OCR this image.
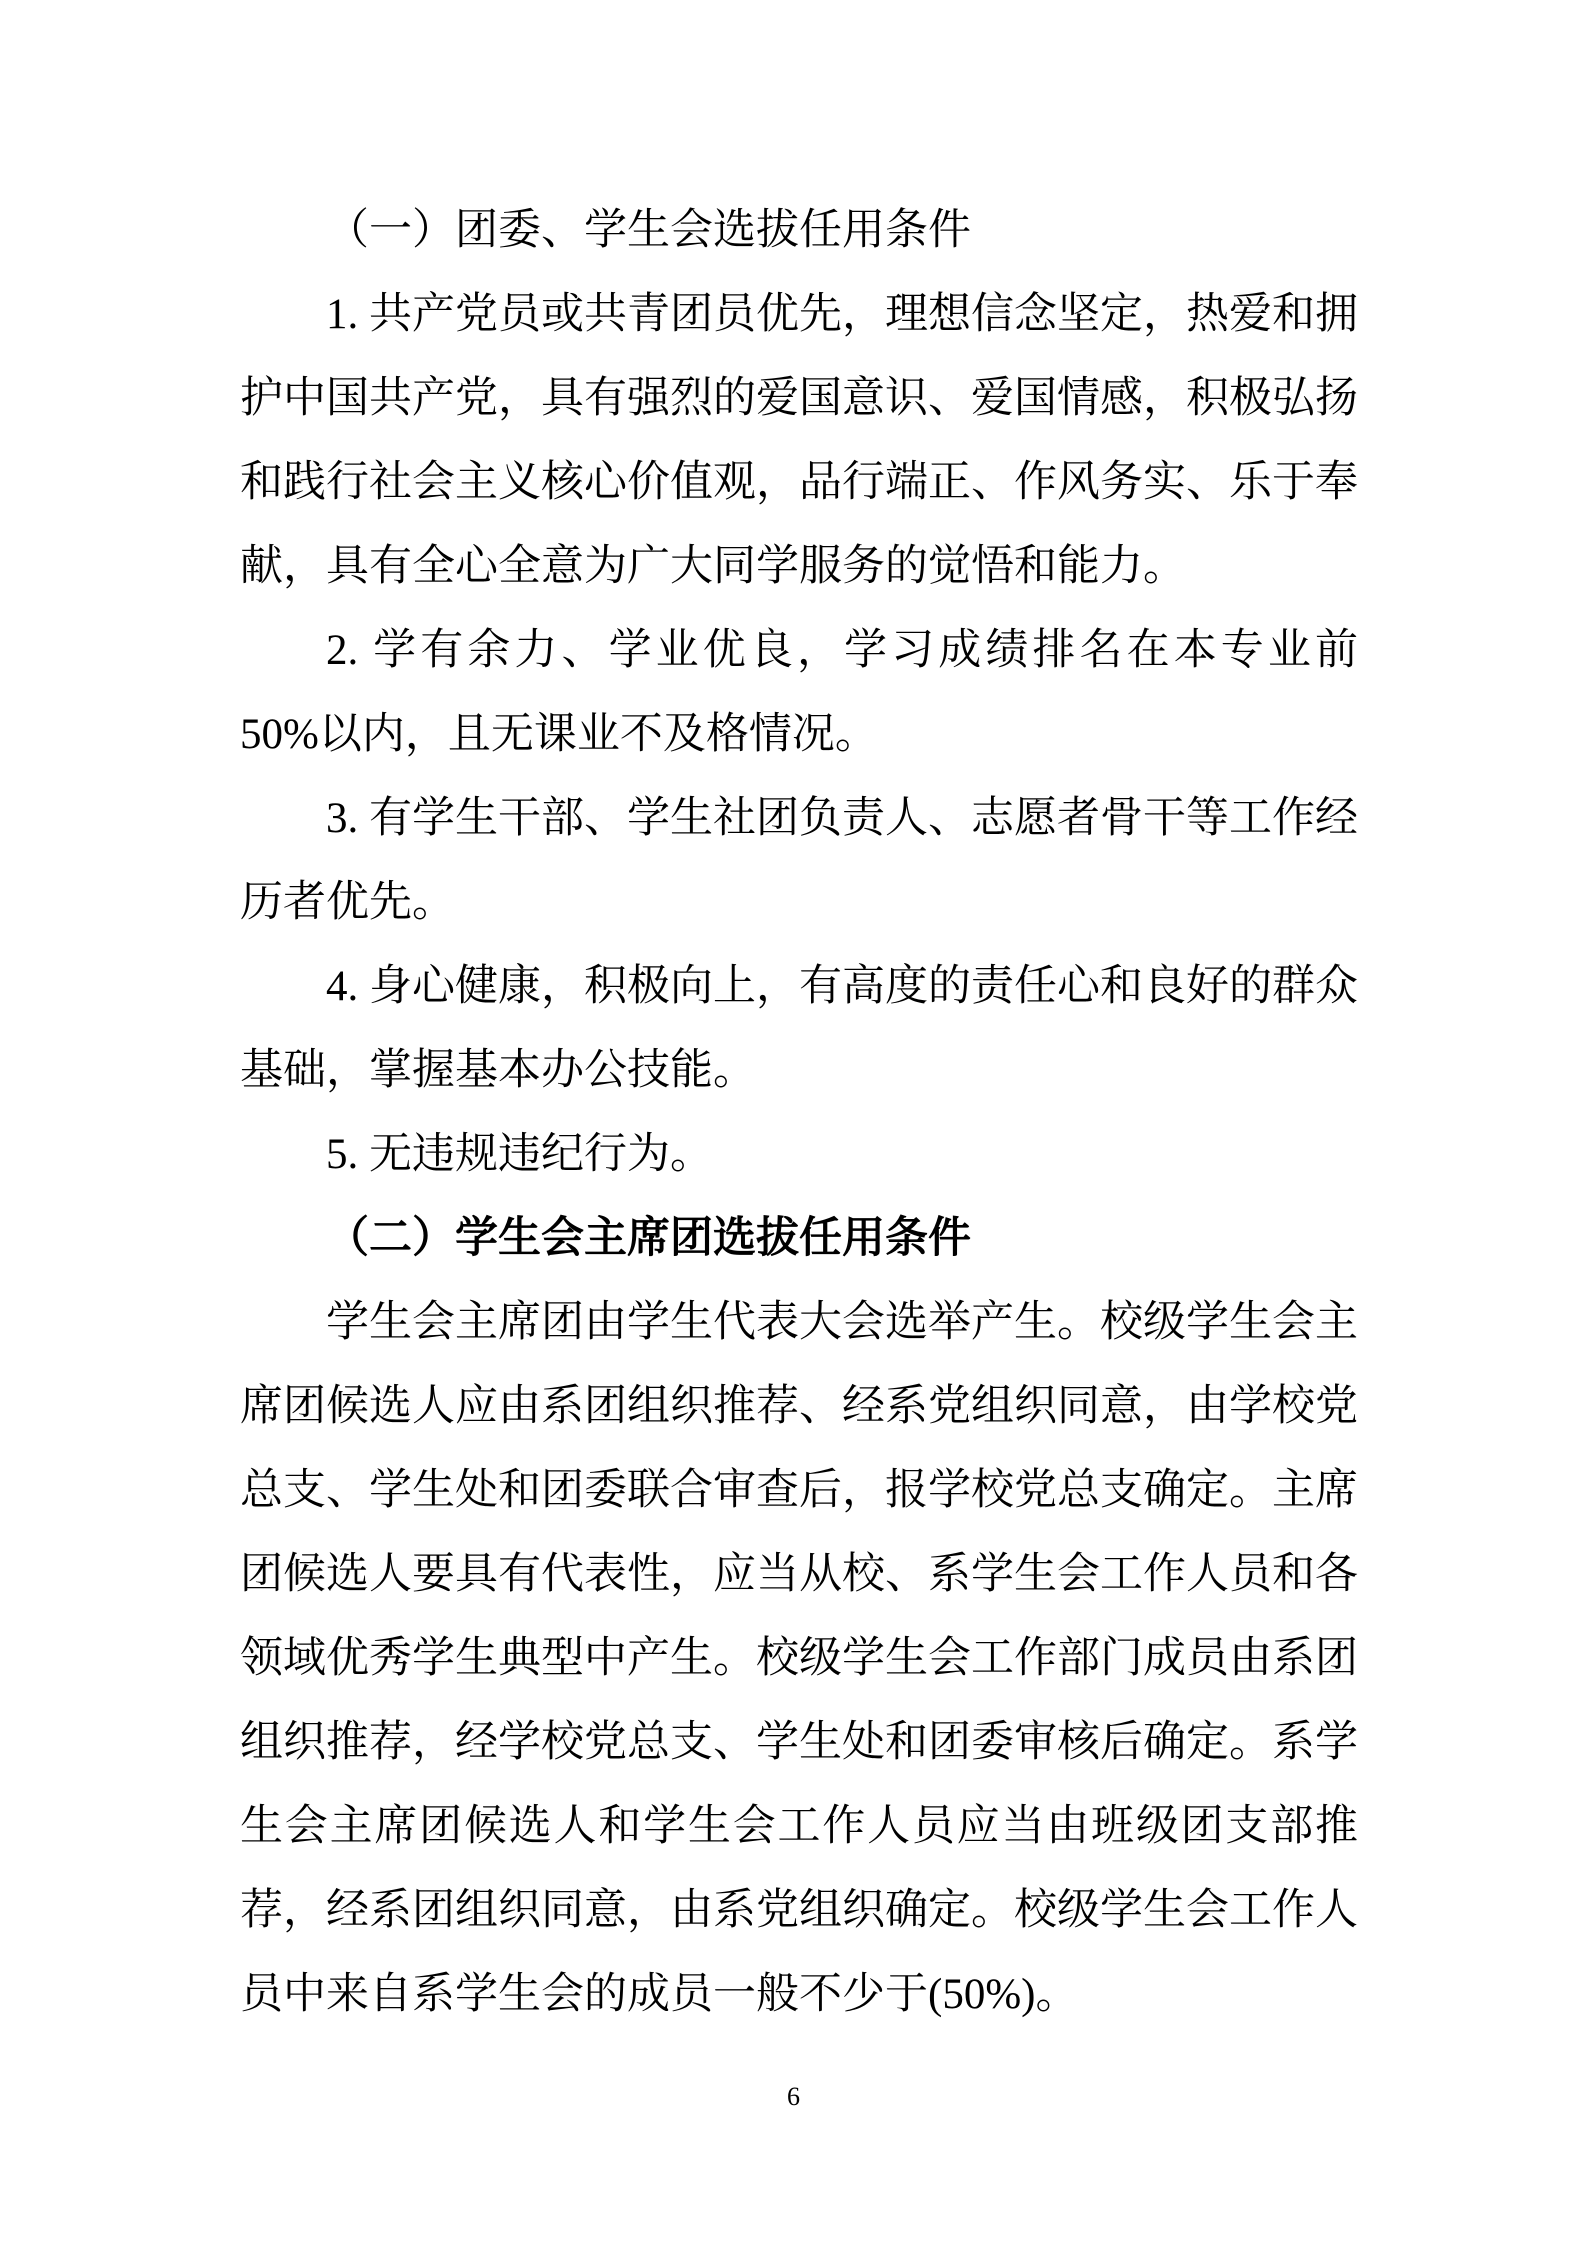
（一）团委、学生会选拔任用条件

1. 共产党员或共青团员优先，理想信念坚定，热爱和拥护中国共产党，具有强烈的爱国意识、爱国情感，积极弘扬和践行社会主义核心价值观，品行端正、作风务实、乐于奉献，具有全心全意为广大同学服务的觉悟和能力。

2. 学有余力、学业优良，学习成绩排名在本专业前 50%以内，且无课业不及格情况。

3. 有学生干部、学生社团负责人、志愿者骨干等工作经历者优先。

4. 身心健康，积极向上，有高度的责任心和良好的群众基础，掌握基本办公技能。

5. 无违规违纪行为。

（二）学生会主席团选拔任用条件

学生会主席团由学生代表大会选举产生。校级学生会主席团候选人应由系团组织推荐、经系党组织同意，由学校党总支、学生处和团委联合审查后，报学校党总支确定。主席团候选人要具有代表性，应当从校、系学生会工作人员和各领域优秀学生典型中产生。校级学生会工作部门成员由系团组织推荐，经学校党总支、学生处和团委审核后确定。系学生会主席团候选人和学生会工作人员应当由班级团支部推荐，经系团组织同意，由系党组织确定。校级学生会工作人员中来自系学生会的成员一般不少于(50%)。

6
